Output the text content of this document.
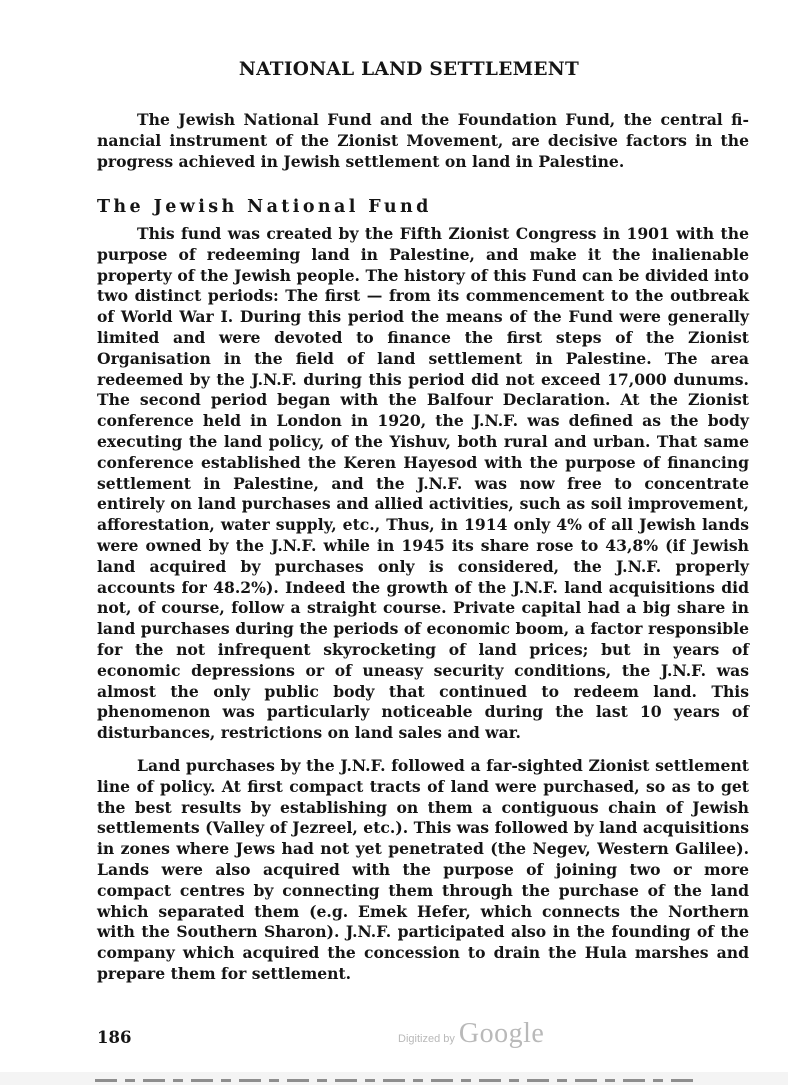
NATIONAL LAND SETTLEMENT

The Jewish National Fund and the Foundation Fund, the central financial instrument of the Zionist Movement, are decisive factors in the progress achieved in Jewish settlement on land in Palestine.

The Jewish National Fund

This fund was created by the Fifth Zionist Congress in 1901 with the purpose of redeeming land in Palestine, and make it the inalienable property of the Jewish people. The history of this Fund can be divided into two distinct periods: The first — from its commencement to the outbreak of World War I. During this period the means of the Fund were generally limited and were devoted to finance the first steps of the Zionist Organisation in the field of land settlement in Palestine. The area redeemed by the J.N.F. during this period did not exceed 17,000 dunums. The second period began with the Balfour Declaration. At the Zionist conference held in London in 1920, the J.N.F. was defined as the body executing the land policy, of the Yishuv, both rural and urban. That same conference established the Keren Hayesod with the purpose of financing settlement in Palestine, and the J.N.F. was now free to concentrate entirely on land purchases and allied activities, such as soil improvement, afforestation, water supply, etc., Thus, in 1914 only 4% of all Jewish lands were owned by the J.N.F. while in 1945 its share rose to 43,8% (if Jewish land acquired by purchases only is considered, the J.N.F. properly accounts for 48.2%). Indeed the growth of the J.N.F. land acquisitions did not, of course, follow a straight course. Private capital had a big share in land purchases during the periods of economic boom, a factor responsible for the not infrequent skyrocketing of land prices; but in years of economic depressions or of uneasy security conditions, the J.N.F. was almost the only public body that continued to redeem land. This phenomenon was particularly noticeable during the last 10 years of disturbances, restrictions on land sales and war.

Land purchases by the J.N.F. followed a far-sighted Zionist settlement line of policy. At first compact tracts of land were purchased, so as to get the best results by establishing on them a contiguous chain of Jewish settlements (Valley of Jezreel, etc.). This was followed by land acquisitions in zones where Jews had not yet penetrated (the Negev, Western Galilee). Lands were also acquired with the purpose of joining two or more compact centres by connecting them through the purchase of the land which separated them (e.g. Emek Hefer, which connects the Northern with the Southern Sharon). J.N.F. participated also in the founding of the company which acquired the concession to drain the Hula marshes and prepare them for settlement.

186	Digitized by Google
